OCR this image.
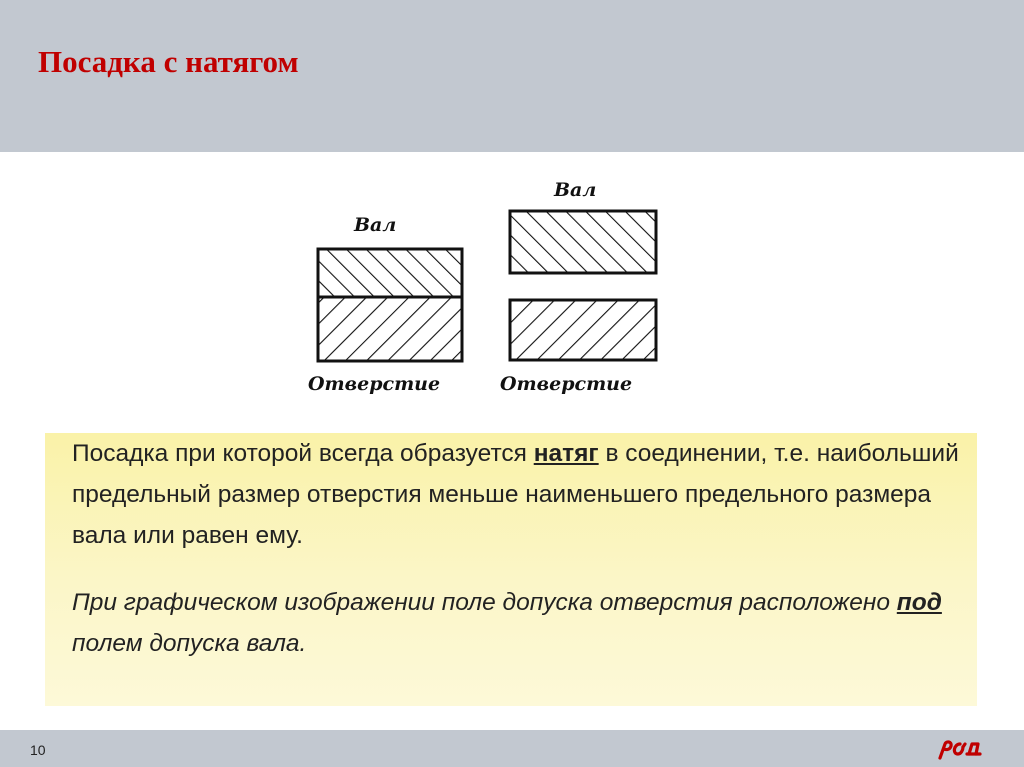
Посадка с натягом
Вал
Отверстие
Вал
Отверстие

Посадка при которой всегда образуется натяг в соединении, т.е. наибольший предельный размер отверстия меньше наименьшего предельного размера вала или равен ему.

При графическом изображении поле допуска отверстия расположено под полем допуска вала.

10
